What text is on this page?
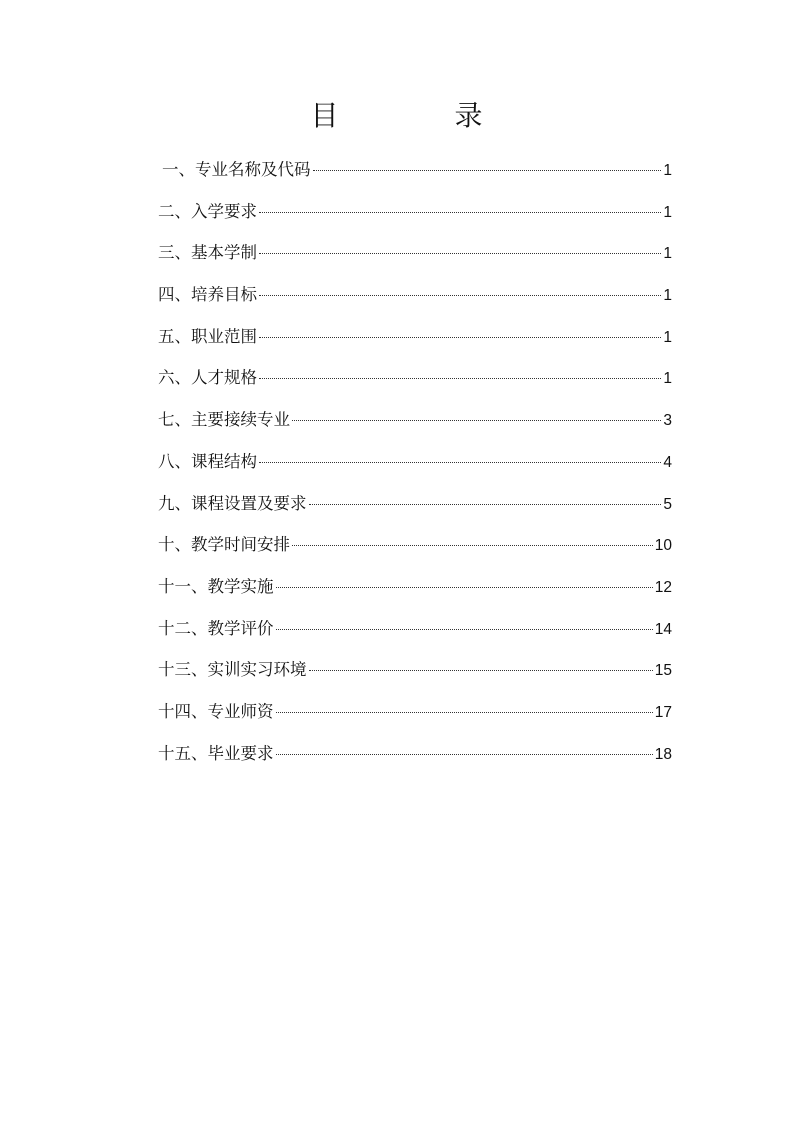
目　录
一、专业名称及代码	1
二、入学要求	1
三、基本学制	1
四、培养目标	1
五、职业范围	1
六、人才规格	1
七、主要接续专业	3
八、课程结构	4
九、课程设置及要求	5
十、教学时间安排	10
十一、教学实施	12
十二、教学评价	14
十三、实训实习环境	15
十四、专业师资	17
十五、毕业要求	18
